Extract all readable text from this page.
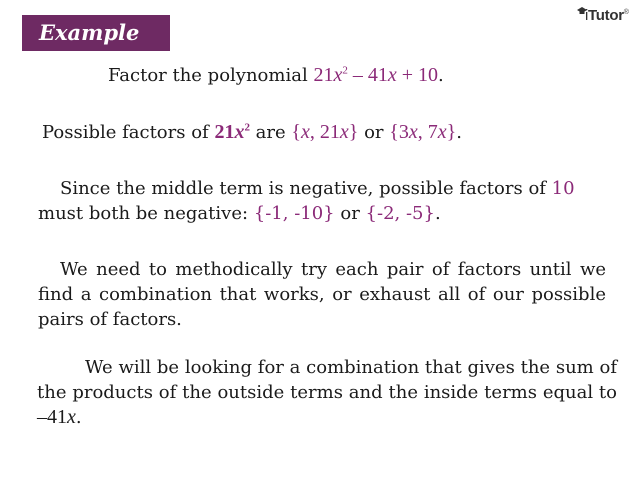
Example
iTutor®

Factor the polynomial $21x^2 - 41x + 10$.

Possible factors of $21x^2$ are {x, 21x} or {3x, 7x}.

Since the middle term is negative, possible factors of 10 must both be negative: {-1, -10} or {-2, -5}.

We need to methodically try each pair of factors until we find a combination that works, or exhaust all of our possible pairs of factors.

We will be looking for a combination that gives the sum of the products of the outside terms and the inside terms equal to –41x.
